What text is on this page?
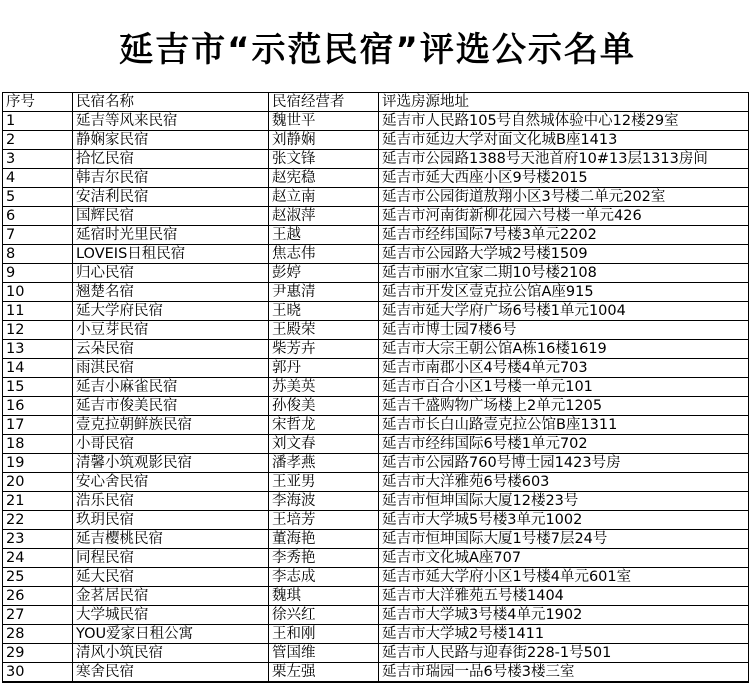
延吉市“示范民宿”评选公示名单
序号	民宿名称	民宿经营者	评选房源地址
1	延吉等风来民宿	魏世平	延吉市人民路105号自然城体验中心12楼29室
2	静娴家民宿	刘静娴	延吉市延边大学对面文化城B座1413
3	拾忆民宿	张文锋	延吉市公园路1388号天池首府10#13层1313房间
4	韩吉尔民宿	赵宪稳	延吉市延大西座小区9号楼2015
5	安洁利民宿	赵立南	延吉市公园街道敖翔小区3号楼二单元202室
6	国辉民宿	赵淑萍	延吉市河南街新柳花园六号楼一单元426
7	延宿时光里民宿	王越	延吉市经纬国际7号楼3单元2202
8	LOVEIS日租民宿	焦志伟	延吉市公园路大学城2号楼1509
9	归心民宿	彭婷	延吉市丽水宜家二期10号楼2108
10	翘楚名宿	尹惠清	延吉市开发区壹克拉公馆A座915
11	延大学府民宿	王晓	延吉市延大学府广场6号楼1单元1004
12	小豆芽民宿	王殿荣	延吉市博士园7楼6号
13	云朵民宿	柴芳卉	延吉市大宗王朝公馆A栋16楼1619
14	雨淇民宿	郭丹	延吉市南郡小区4号楼4单元703
15	延吉小麻雀民宿	苏美英	延吉市百合小区1号楼一单元101
16	延吉市俊美民宿	孙俊美	延吉千盛购物广场楼上2单元1205
17	壹克拉朝鲜族民宿	宋哲龙	延吉市长白山路壹克拉公馆B座1311
18	小哥民宿	刘文春	延吉市经纬国际6号楼1单元702
19	清馨小筑观影民宿	潘孝燕	延吉市公园路760号博士园1423号房
20	安心舍民宿	王亚男	延吉市大洋雅苑6号楼603
21	浩乐民宿	李海波	延吉市恒坤国际大厦12楼23号
22	玖玥民宿	王培芳	延吉市大学城5号楼3单元1002
23	延吉樱桃民宿	董海艳	延吉市恒坤国际大厦1号楼7层24号
24	同程民宿	李秀艳	延吉市文化城A座707
25	延大民宿	李志成	延吉市延大学府小区1号楼4单元601室
26	金茗居民宿	魏琪	延吉市大洋雅苑五号楼1404
27	大学城民宿	徐兴红	延吉市大学城3号楼4单元1902
28	YOU爱家日租公寓	王和刚	延吉市大学城2号楼1411
29	清风小筑民宿	管国维	延吉市人民路与迎春街228-1号501
30	寒舍民宿	栗左强	延吉市瑞园一品6号楼3楼三室
